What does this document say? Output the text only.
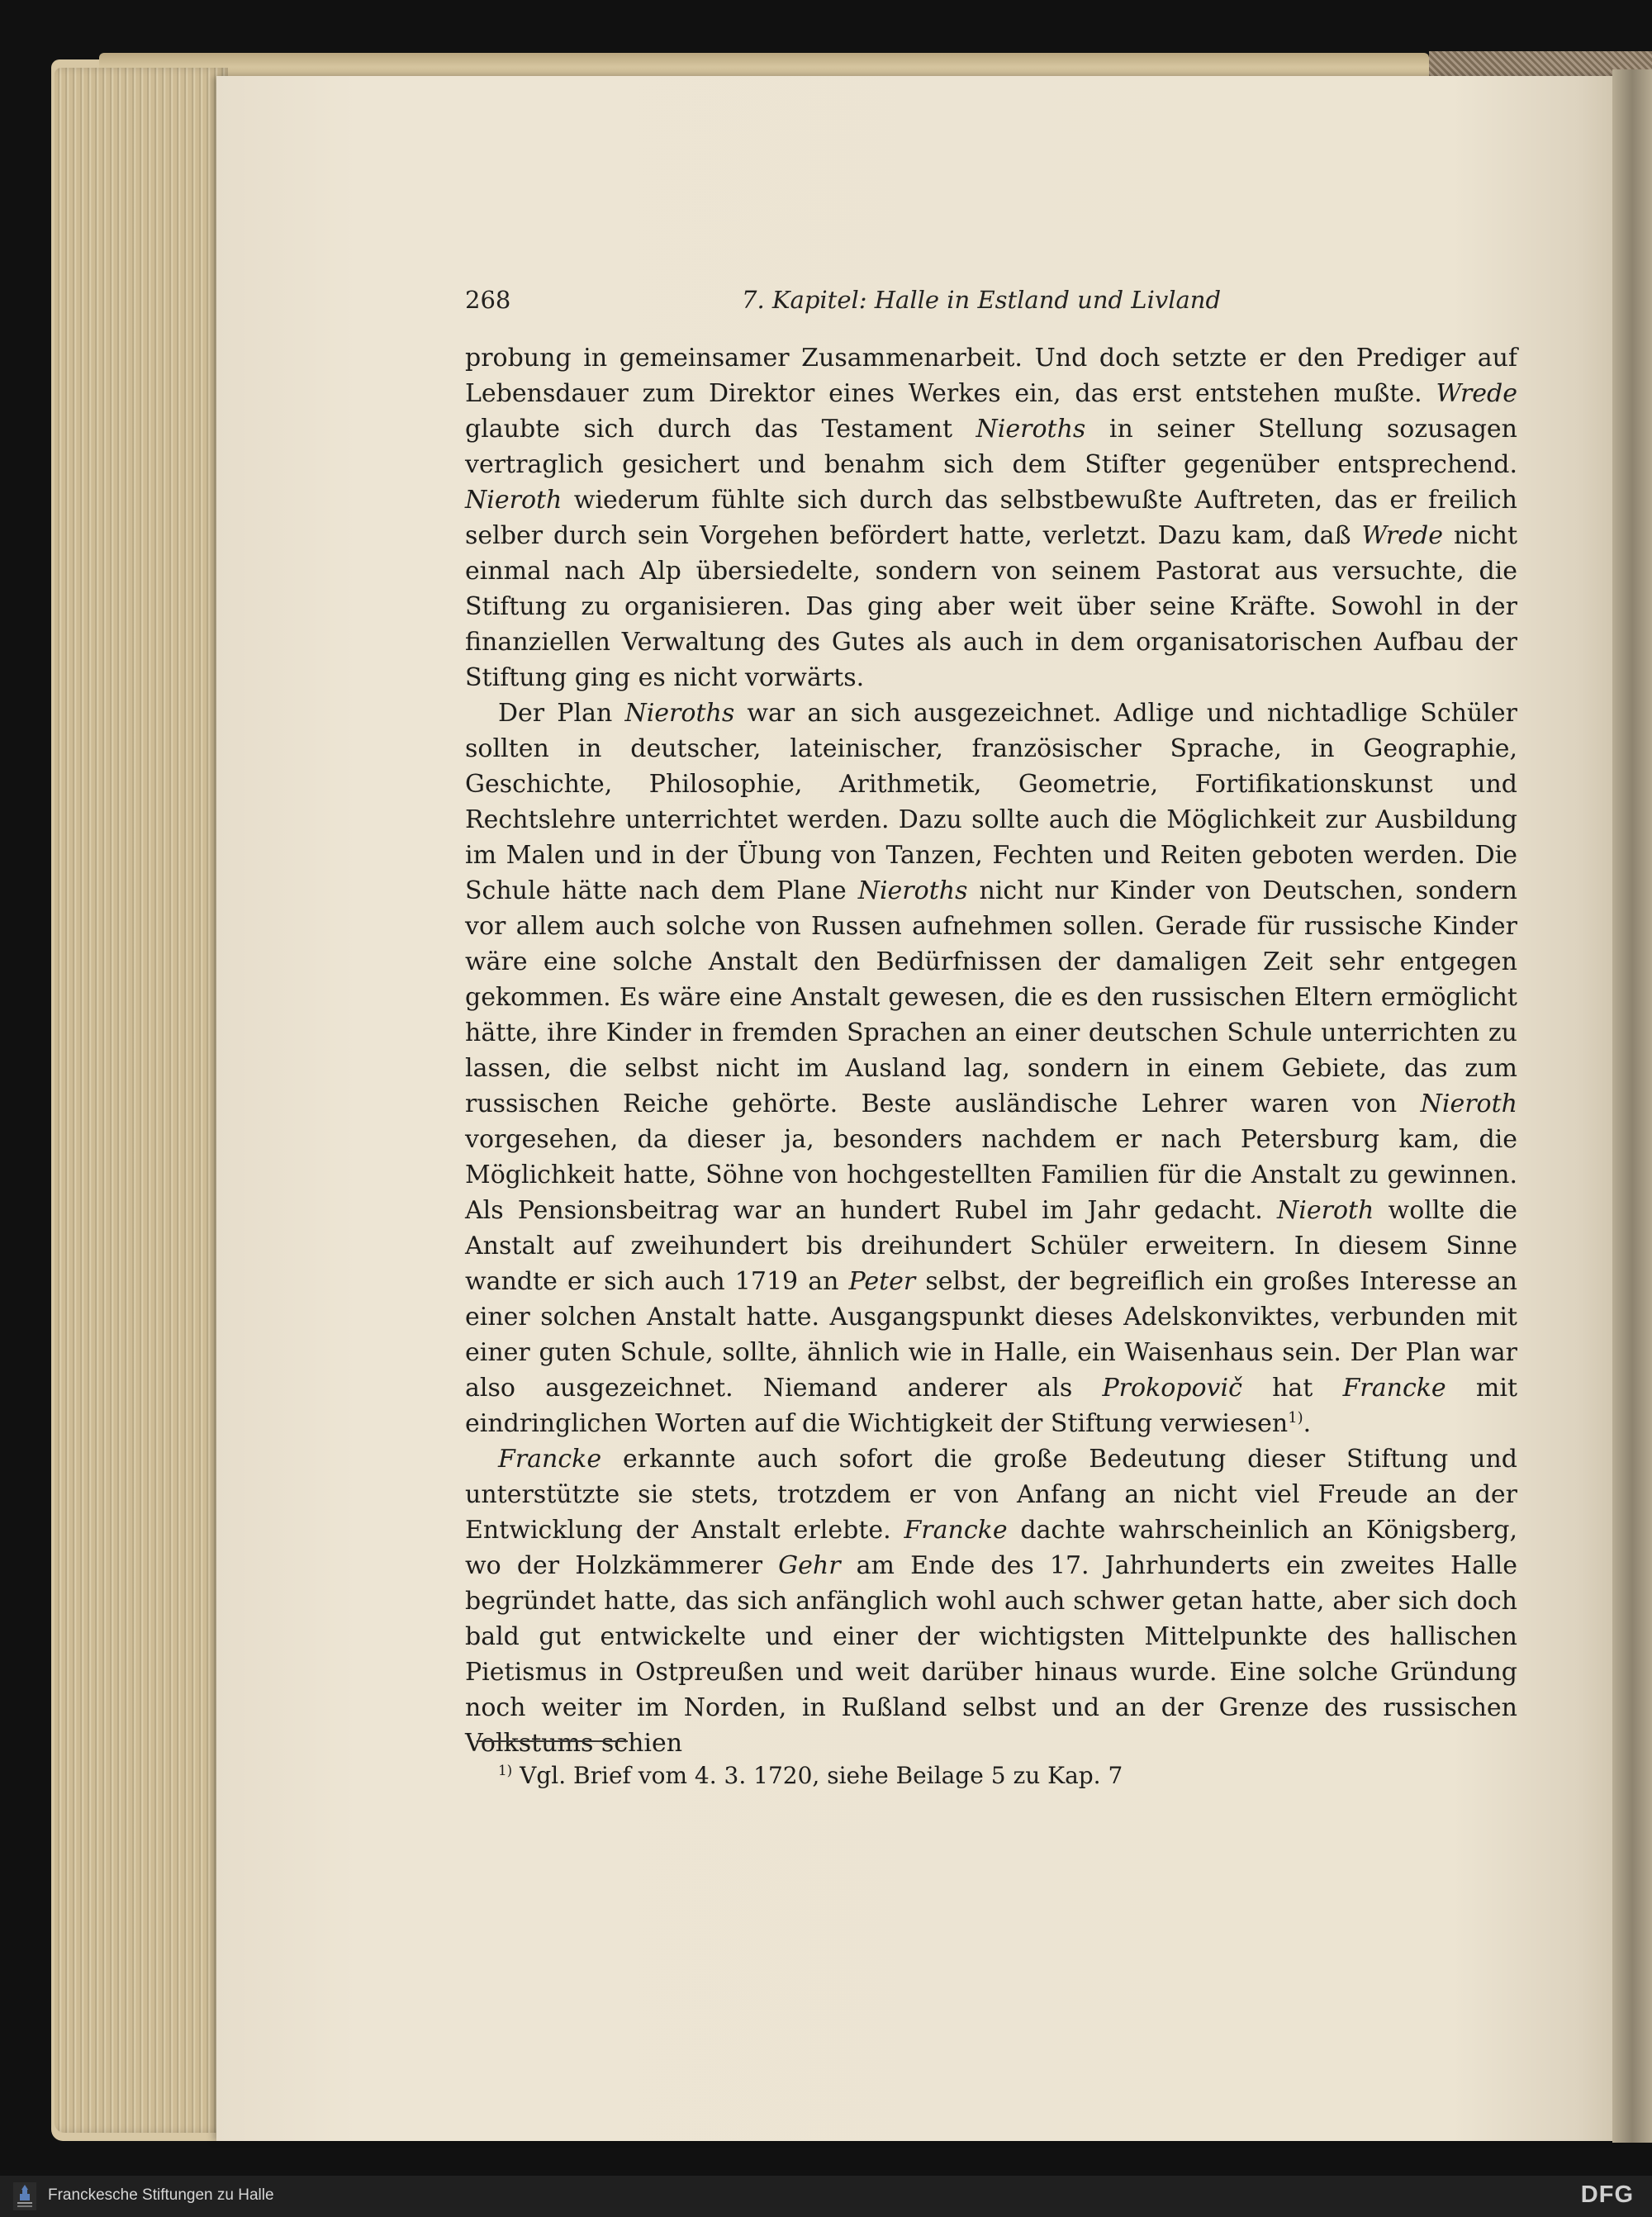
268	7. Kapitel: Halle in Estland und Livland

probung in gemeinsamer Zusammenarbeit. Und doch setzte er den Prediger auf Lebensdauer zum Direktor eines Werkes ein, das erst entstehen mußte. Wrede glaubte sich durch das Testament Nieroths in seiner Stellung sozusagen vertraglich gesichert und benahm sich dem Stifter gegenüber entsprechend. Nieroth wiederum fühlte sich durch das selbstbewußte Auftreten, das er freilich selber durch sein Vorgehen befördert hatte, verletzt. Dazu kam, daß Wrede nicht einmal nach Alp übersiedelte, sondern von seinem Pastorat aus versuchte, die Stiftung zu organisieren. Das ging aber weit über seine Kräfte. Sowohl in der finanziellen Verwaltung des Gutes als auch in dem organisatorischen Aufbau der Stiftung ging es nicht vorwärts.

Der Plan Nieroths war an sich ausgezeichnet. Adlige und nichtadlige Schüler sollten in deutscher, lateinischer, französischer Sprache, in Geographie, Geschichte, Philosophie, Arithmetik, Geometrie, Fortifikationskunst und Rechtslehre unterrichtet werden. Dazu sollte auch die Möglichkeit zur Ausbildung im Malen und in der Übung von Tanzen, Fechten und Reiten geboten werden. Die Schule hätte nach dem Plane Nieroths nicht nur Kinder von Deutschen, sondern vor allem auch solche von Russen aufnehmen sollen. Gerade für russische Kinder wäre eine solche Anstalt den Bedürfnissen der damaligen Zeit sehr entgegen gekommen. Es wäre eine Anstalt gewesen, die es den russischen Eltern ermöglicht hätte, ihre Kinder in fremden Sprachen an einer deutschen Schule unterrichten zu lassen, die selbst nicht im Ausland lag, sondern in einem Gebiete, das zum russischen Reiche gehörte. Beste ausländische Lehrer waren von Nieroth vorgesehen, da dieser ja, besonders nachdem er nach Petersburg kam, die Möglichkeit hatte, Söhne von hochgestellten Familien für die Anstalt zu gewinnen. Als Pensionsbeitrag war an hundert Rubel im Jahr gedacht. Nieroth wollte die Anstalt auf zweihundert bis dreihundert Schüler erweitern. In diesem Sinne wandte er sich auch 1719 an Peter selbst, der begreiflich ein großes Interesse an einer solchen Anstalt hatte. Ausgangspunkt dieses Adelskonviktes, verbunden mit einer guten Schule, sollte, ähnlich wie in Halle, ein Waisenhaus sein. Der Plan war also ausgezeichnet. Niemand anderer als Prokopovič hat Francke mit eindringlichen Worten auf die Wichtigkeit der Stiftung verwiesen$^{1)}$.

Francke erkannte auch sofort die große Bedeutung dieser Stiftung und unterstützte sie stets, trotzdem er von Anfang an nicht viel Freude an der Entwicklung der Anstalt erlebte. Francke dachte wahrscheinlich an Königsberg, wo der Holzkämmerer Gehr am Ende des 17. Jahrhunderts ein zweites Halle begründet hatte, das sich anfänglich wohl auch schwer getan hatte, aber sich doch bald gut entwickelte und einer der wichtigsten Mittelpunkte des hallischen Pietismus in Ostpreußen und weit darüber hinaus wurde. Eine solche Gründung noch weiter im Norden, in Rußland selbst und an der Grenze des russischen Volkstums schien

$^{1)}$ Vgl. Brief vom 4. 3. 1720, siehe Beilage 5 zu Kap. 7
Franckesche Stiftungen zu Halle	DFG
